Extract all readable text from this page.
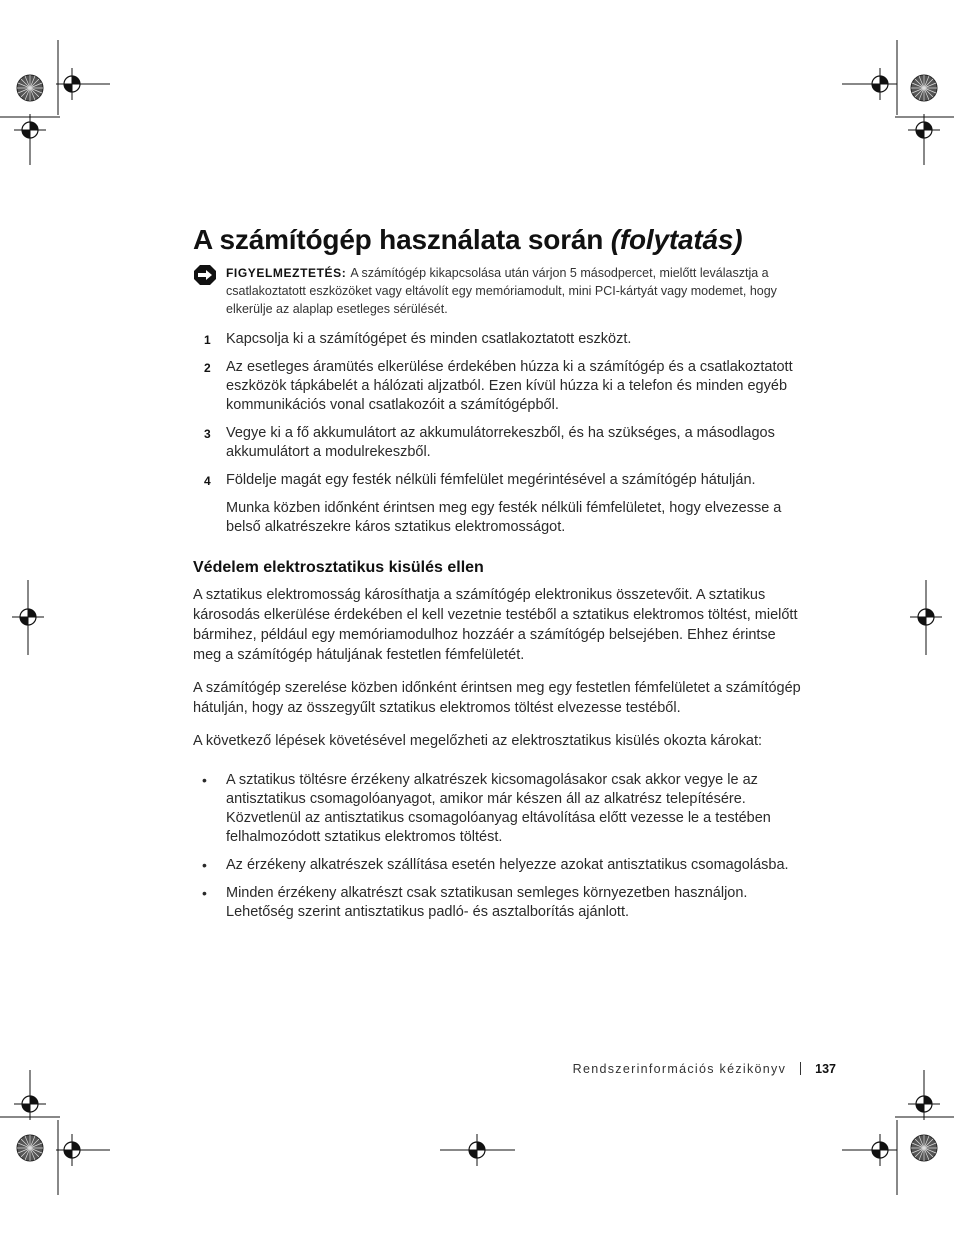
A számítógép használata során (folytatás)
FIGYELMEZTETÉS: A számítógép kikapcsolása után várjon 5 másodpercet, mielőtt leválasztja a csatlakoztatott eszközöket vagy eltávolít egy memóriamodult, mini PCI-kártyát vagy modemet, hogy elkerülje az alaplap esetleges sérülését.
1 Kapcsolja ki a számítógépet és minden csatlakoztatott eszközt.
2 Az esetleges áramütés elkerülése érdekében húzza ki a számítógép és a csatlakoztatott eszközök tápkábelét a hálózati aljzatból. Ezen kívül húzza ki a telefon és minden egyéb kommunikációs vonal csatlakozóit a számítógépből.
3 Vegye ki a fő akkumulátort az akkumulátorrekeszből, és ha szükséges, a másodlagos akkumulátort a modulrekeszből.
4 Földelje magát egy festék nélküli fémfelület megérintésével a számítógép hátulján.

Munka közben időnként érintsen meg egy festék nélküli fémfelületet, hogy elvezesse a belső alkatrészekre káros sztatikus elektromosságot.

Védelem elektrosztatikus kisülés ellen

A sztatikus elektromosság károsíthatja a számítógép elektronikus összetevőit. A sztatikus károsodás elkerülése érdekében el kell vezetnie testéből a sztatikus elektromos töltést, mielőtt bármihez, például egy memóriamodulhoz hozzáér a számítógép belsejében. Ehhez érintse meg a számítógép hátuljának festetlen fémfelületét.

A számítógép szerelése közben időnként érintsen meg egy festetlen fémfelületet a számítógép hátulján, hogy az összegyűlt sztatikus elektromos töltést elvezesse testéből.

A következő lépések követésével megelőzheti az elektrosztatikus kisülés okozta károkat:

• A sztatikus töltésre érzékeny alkatrészek kicsomagolásakor csak akkor vegye le az antisztatikus csomagolóanyagot, amikor már készen áll az alkatrész telepítésére. Közvetlenül az antisztatikus csomagolóanyag eltávolítása előtt vezesse le a testében felhalmozódott sztatikus elektromos töltést.
• Az érzékeny alkatrészek szállítása esetén helyezze azokat antisztatikus csomagolásba.
• Minden érzékeny alkatrészt csak sztatikusan semleges környezetben használjon. Lehetőség szerint antisztatikus padló- és asztalborítás ajánlott.
Rendszerinformációs kézikönyv 137
